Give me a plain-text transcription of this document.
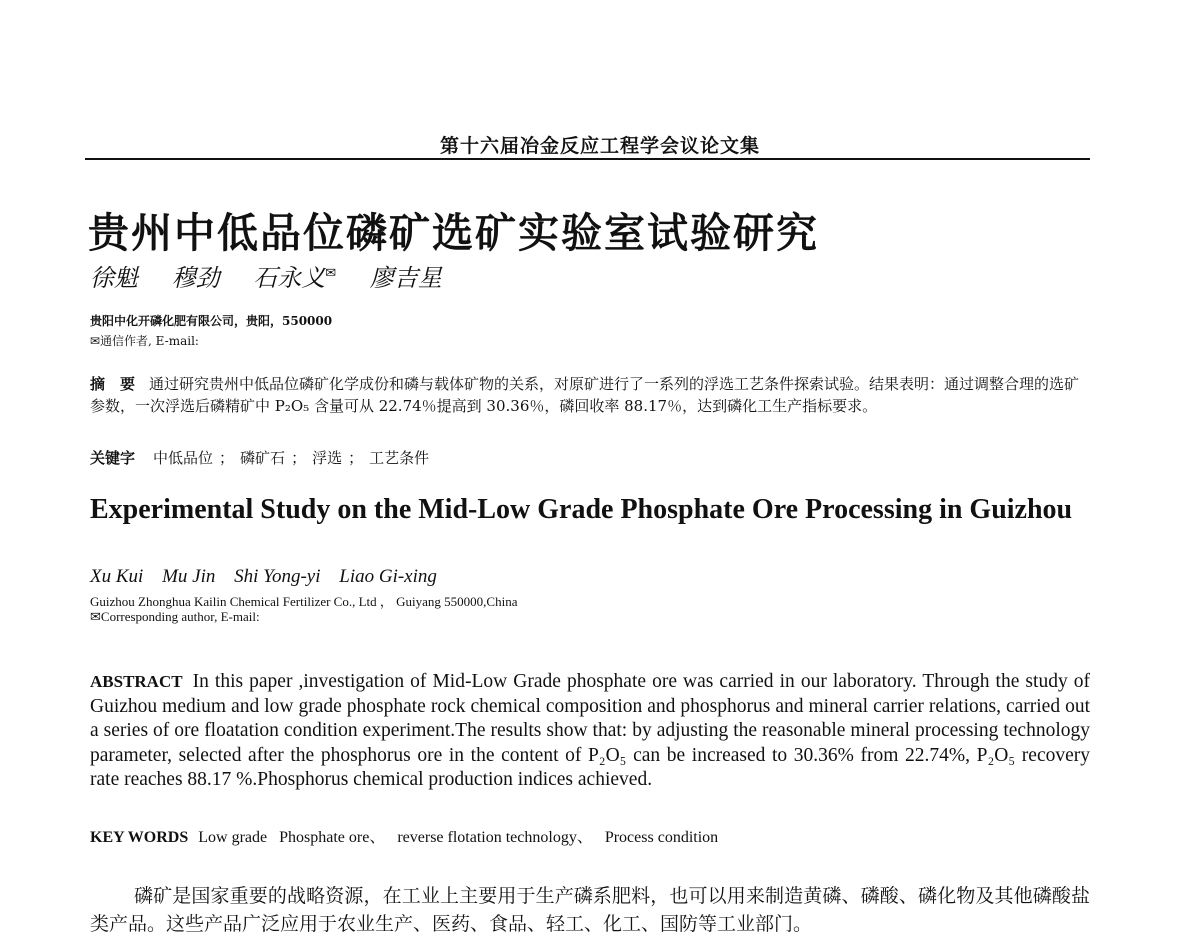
第十六届冶金反应工程学会议论文集
贵州中低品位磷矿选矿实验室试验研究
徐魁 穆劲 石永义✉ 廖吉星
贵阳中化开磷化肥有限公司，贵阳，550000
✉通信作者, E-mail:
摘　要 通过研究贵州中低品位磷矿化学成份和磷与载体矿物的关系，对原矿进行了一系列的浮选工艺条件探索试验。结果表明：通过调整合理的选矿参数，一次浮选后磷精矿中 P₂O₅ 含量可从 22.74％提高到 30.36％，磷回收率 88.17％，达到磷化工生产指标要求。
关键字 中低品位 ； 磷矿石 ； 浮选 ； 工艺条件
Experimental Study on the Mid-Low Grade Phosphate Ore Processing in Guizhou
Xu Kui Mu Jin Shi Yong-yi Liao Gi-xing
Guizhou Zhonghua Kailin Chemical Fertilizer Co., Ltd ， Guiyang 550000,China
✉Corresponding author, E-mail:
ABSTRACT In this paper ,investigation of Mid-Low Grade phosphate ore was carried in our laboratory. Through the study of Guizhou medium and low grade phosphate rock chemical composition and phosphorus and mineral carrier relations, carried out a series of ore floatation condition experiment.The results show that: by adjusting the reasonable mineral processing technology parameter, selected after the phosphorus ore in the content of P₂O₅ can be increased to 30.36% from 22.74%, P₂O₅ recovery rate reaches 88.17 %.Phosphorus chemical production indices achieved.
KEY WORDS Low grade Phosphate ore、 reverse flotation technology、 Process condition
磷矿是国家重要的战略资源，在工业上主要用于生产磷系肥料，也可以用来制造黄磷、磷酸、磷化物及其他磷酸盐类产品。这些产品广泛应用于农业生产、医药、食品、轻工、化工、国防等工业部门。
